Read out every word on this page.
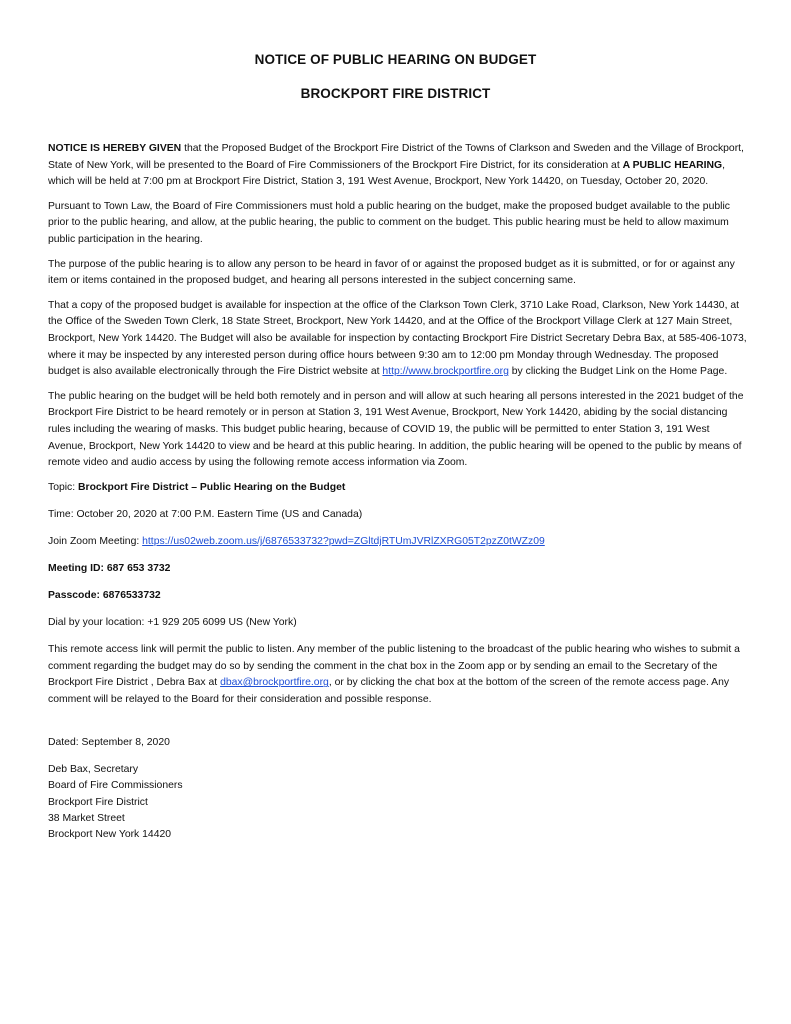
NOTICE OF PUBLIC HEARING ON BUDGET
BROCKPORT FIRE DISTRICT

NOTICE IS HEREBY GIVEN that the Proposed Budget of the Brockport Fire District of the Towns of Clarkson and Sweden and the Village of Brockport, State of New York, will be presented to the Board of Fire Commissioners of the Brockport Fire District, for its consideration at A PUBLIC HEARING, which will be held at 7:00 pm at Brockport Fire District, Station 3, 191 West Avenue, Brockport, New York 14420, on Tuesday, October 20, 2020.

Pursuant to Town Law, the Board of Fire Commissioners must hold a public hearing on the budget, make the proposed budget available to the public prior to the public hearing, and allow, at the public hearing, the public to comment on the budget. This public hearing must be held to allow maximum public participation in the hearing.

The purpose of the public hearing is to allow any person to be heard in favor of or against the proposed budget as it is submitted, or for or against any item or items contained in the proposed budget, and hearing all persons interested in the subject concerning same.

That a copy of the proposed budget is available for inspection at the office of the Clarkson Town Clerk, 3710 Lake Road, Clarkson, New York 14430, at the Office of the Sweden Town Clerk, 18 State Street, Brockport, New York 14420, and at the Office of the Brockport Village Clerk at 127 Main Street, Brockport, New York 14420. The Budget will also be available for inspection by contacting Brockport Fire District Secretary Debra Bax, at 585-406-1073, where it may be inspected by any interested person during office hours between 9:30 am to 12:00 pm Monday through Wednesday. The proposed budget is also available electronically through the Fire District website at http://www.brockportfire.org by clicking the Budget Link on the Home Page.

The public hearing on the budget will be held both remotely and in person and will allow at such hearing all persons interested in the 2021 budget of the Brockport Fire District to be heard remotely or in person at Station 3, 191 West Avenue, Brockport, New York 14420, abiding by the social distancing rules including the wearing of masks. This budget public hearing, because of COVID 19, the public will be permitted to enter Station 3, 191 West Avenue, Brockport, New York 14420 to view and be heard at this public hearing. In addition, the public hearing will be opened to the public by means of remote video and audio access by using the following remote access information via Zoom.

Topic: Brockport Fire District – Public Hearing on the Budget
Time: October 20, 2020 at 7:00 P.M. Eastern Time (US and Canada)
Join Zoom Meeting: https://us02web.zoom.us/j/6876533732?pwd=ZGltdjRTUmJVRlZXRG05T2pzZ0tWZz09
Meeting ID: 687 653 3732
Passcode: 6876533732
Dial by your location: +1 929 205 6099 US (New York)

This remote access link will permit the public to listen. Any member of the public listening to the broadcast of the public hearing who wishes to submit a comment regarding the budget may do so by sending the comment in the chat box in the Zoom app or by sending an email to the Secretary of the Brockport Fire District , Debra Bax at dbax@brockportfire.org, or by clicking the chat box at the bottom of the screen of the remote access page. Any comment will be relayed to the Board for their consideration and possible response.

Dated: September 8, 2020
Deb Bax, Secretary
Board of Fire Commissioners
Brockport Fire District
38 Market Street
Brockport New York 14420
